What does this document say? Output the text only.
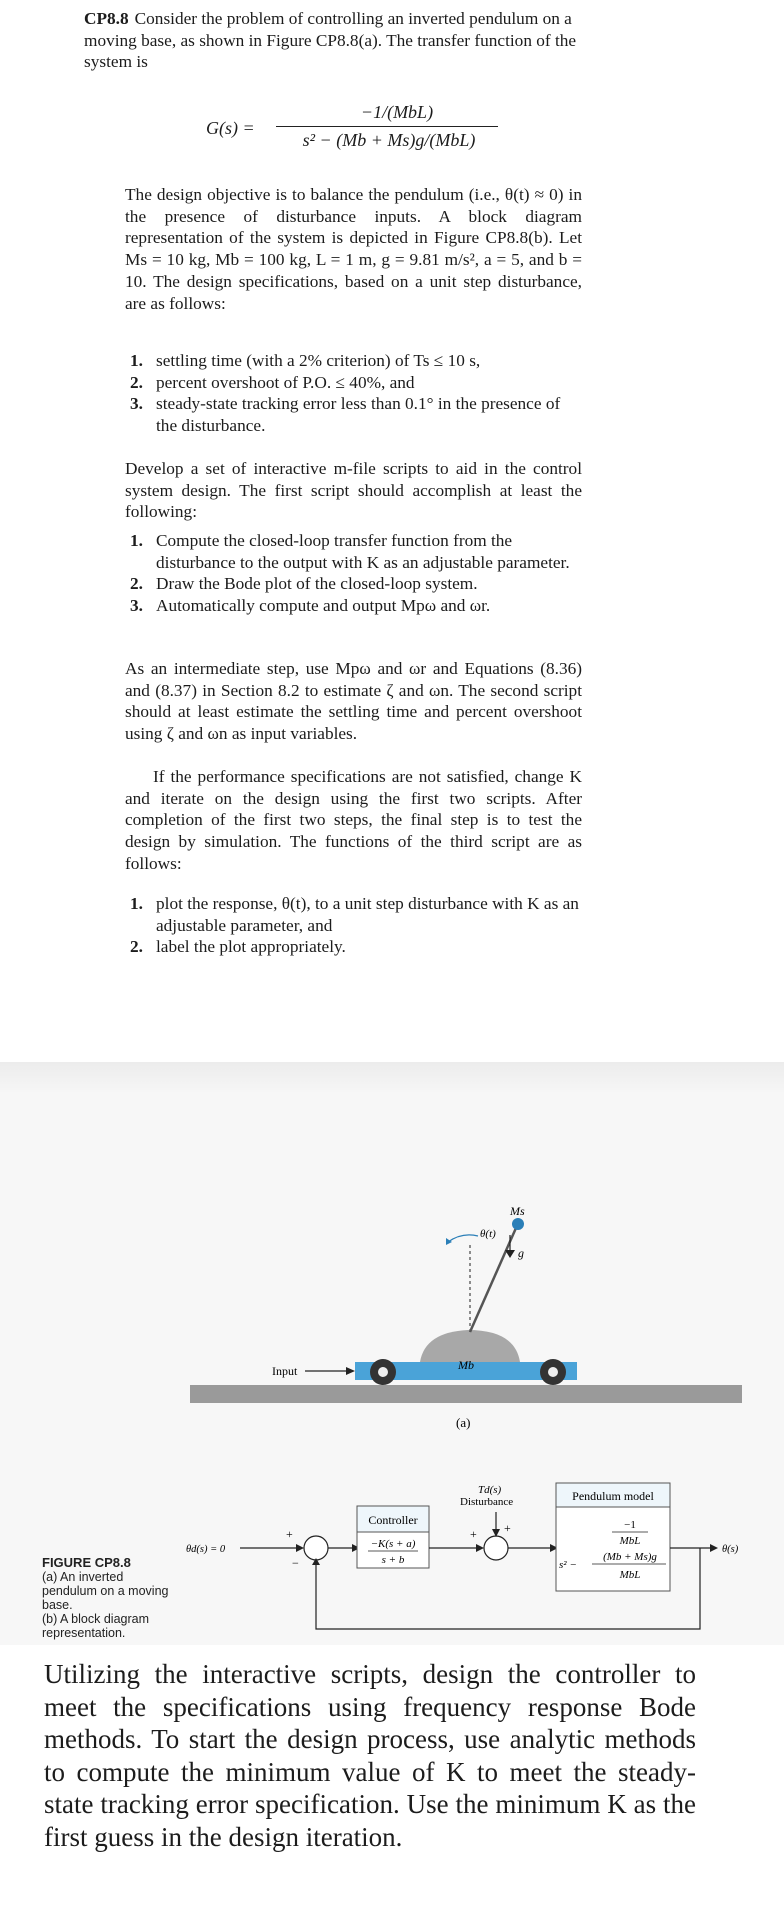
CP8.8 Consider the problem of controlling an inverted pendulum on a moving base, as shown in Figure CP8.8(a). The transfer function of the system is

G(s) =
−1/(MbL)
s² − (Mb + Ms)g/(MbL)

The design objective is to balance the pendulum (i.e., θ(t) ≈ 0) in the presence of disturbance inputs. A block diagram representation of the system is depicted in Figure CP8.8(b). Let Ms = 10 kg, Mb = 100 kg, L = 1 m, g = 9.81 m/s², a = 5, and b = 10. The design specifications, based on a unit step disturbance, are as follows:

1. settling time (with a 2% criterion) of Ts ≤ 10 s,
2. percent overshoot of P.O. ≤ 40%, and
3. steady-state tracking error less than 0.1° in the presence of the disturbance.

Develop a set of interactive m-file scripts to aid in the control system design. The first script should accomplish at least the following:

1. Compute the closed-loop transfer function from the disturbance to the output with K as an adjustable parameter.
2. Draw the Bode plot of the closed-loop system.
3. Automatically compute and output Mpω and ωr.

As an intermediate step, use Mpω and ωr and Equations (8.36) and (8.37) in Section 8.2 to estimate ζ and ωn. The second script should at least estimate the settling time and percent overshoot using ζ and ωn as input variables.

If the performance specifications are not satisfied, change K and iterate on the design using the first two scripts. After completion of the first two steps, the final step is to test the design by simulation. The functions of the third script are as follows:

1. plot the response, θ(t), to a unit step disturbance with K as an adjustable parameter, and
2. label the plot appropriately.
Input
Ms
Mb
θ(t)
g
(a)
θd(s) = 0
+
−
Controller
−K(s + a)
s + b
+ +
Td(s)
Disturbance	Pendulum model
−1
MbL
s² −
(Mb + Ms)g
MbL
θ(s)
FIGURE CP8.8
(a) An inverted pendulum on a moving base.
(b) A block diagram representation.

Utilizing the interactive scripts, design the controller to meet the specifications using frequency response Bode methods. To start the design process, use analytic methods to compute the minimum value of K to meet the steady-state tracking error specification. Use the minimum K as the first guess in the design iteration.
